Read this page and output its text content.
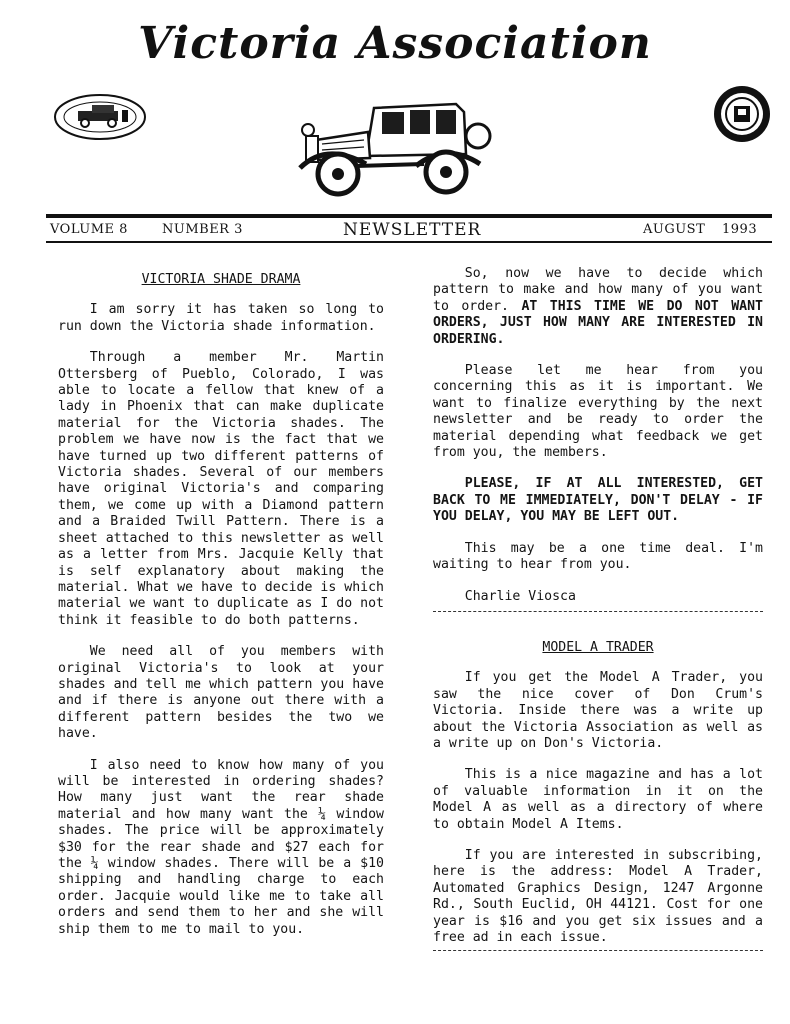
Victoria Association
VOLUME 8	NUMBER 3	NEWSLETTER	AUGUST 1993
VICTORIA SHADE DRAMA

I am sorry it has taken so long to run down the Victoria shade information.

Through a member Mr. Martin Ottersberg of Pueblo, Colorado, I was able to locate a fellow that knew of a lady in Phoenix that can make duplicate material for the Victoria shades. The problem we have now is the fact that we have turned up two different patterns of Victoria shades. Several of our members have original Victoria's and comparing them, we come up with a Diamond pattern and a Braided Twill Pattern. There is a sheet attached to this newsletter as well as a letter from Mrs. Jacquie Kelly that is self explanatory about making the material. What we have to decide is which material we want to duplicate as I do not think it feasible to do both patterns.

We need all of you members with original Victoria's to look at your shades and tell me which pattern you have and if there is anyone out there with a different pattern besides the two we have.

I also need to know how many of you will be interested in ordering shades? How many just want the rear shade material and how many want the ¼ window shades. The price will be approximately $30 for the rear shade and $27 each for the ¼ window shades. There will be a $10 shipping and handling charge to each order. Jacquie would like me to take all orders and send them to her and she will ship them to me to mail to you.

So, now we have to decide which pattern to make and how many of you want to order. AT THIS TIME WE DO NOT WANT ORDERS, JUST HOW MANY ARE INTERESTED IN ORDERING.

Please let me hear from you concerning this as it is important. We want to finalize everything by the next newsletter and be ready to order the material depending what feedback we get from you, the members.

PLEASE, IF AT ALL INTERESTED, GET BACK TO ME IMMEDIATELY, DON'T DELAY - IF YOU DELAY, YOU MAY BE LEFT OUT.

This may be a one time deal. I'm waiting to hear from you.

Charlie Viosca
MODEL A TRADER

If you get the Model A Trader, you saw the nice cover of Don Crum's Victoria. Inside there was a write up about the Victoria Association as well as a write up on Don's Victoria.

This is a nice magazine and has a lot of valuable information in it on the Model A as well as a directory of where to obtain Model A Items.

If you are interested in subscribing, here is the address: Model A Trader, Automated Graphics Design, 1247 Argonne Rd., South Euclid, OH 44121. Cost for one year is $16 and you get six issues and a free ad in each issue.
